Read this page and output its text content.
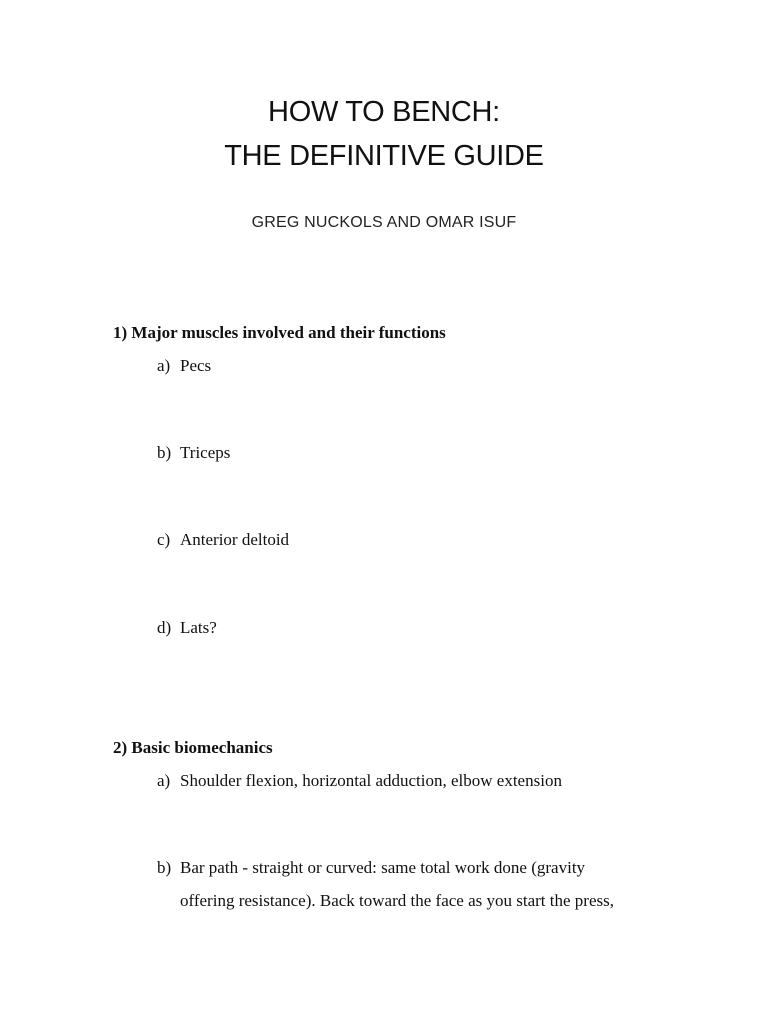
HOW TO BENCH:
THE DEFINITIVE GUIDE
GREG NUCKOLS AND OMAR ISUF
1) Major muscles involved and their functions
a) Pecs
b) Triceps
c) Anterior deltoid
d) Lats?
2) Basic biomechanics
a) Shoulder flexion, horizontal adduction, elbow extension
b) Bar path - straight or curved: same total work done (gravity
offering resistance). Back toward the face as you start the press,
